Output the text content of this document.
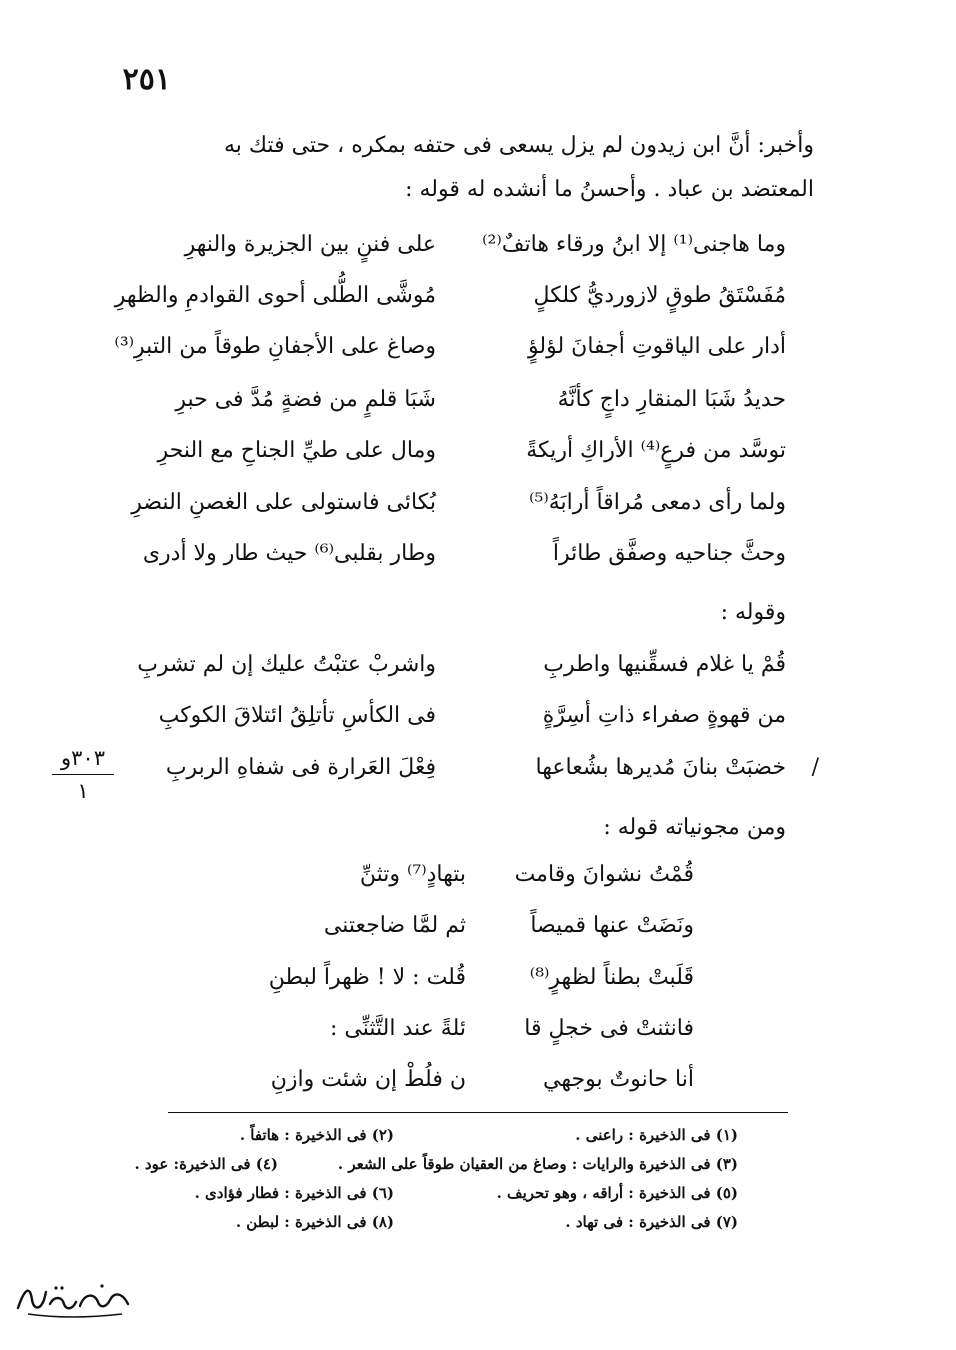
٢٥١
وأخبر: أنَّ ابن زيدون لم يزل يسعى فى حتفه بمكره ، حتى فتك به
المعتضد بن عباد . وأحسنُ ما أنشده له قوله :
وما هاجنى⁽¹⁾ إلا ابنُ ورقاء هاتفٌ⁽²⁾
على فننٍ بين الجزيرة والنهرِ
مُفَسْتَقُ طوقٍ لازورديُّ كلكلٍ
مُوشَّى الطُّلى أحوى القوادمِ والظهرِ
أدار على الياقوتِ أجفانَ لؤلؤٍ
وصاغ على الأجفانِ طوقاً من التبرِ⁽³⁾
حديدُ شَبَا المنقارِ داجٍ كأنَّهُ
شَبَا قلمٍ من فضةٍ مُدَّ فى حبرِ
توسَّد من فرعٍ⁽⁴⁾ الأراكِ أريكةً
ومال على طيِّ الجناحِ مع النحرِ
ولما رأى دمعى مُراقاً أرابَهُ⁽⁵⁾
بُكائى فاستولى على الغصنِ النضرِ
وحثَّ جناحيه وصفَّق طائراً
وطار بقلبى⁽⁶⁾ حيث طار ولا أدرى
وقوله :
قُمْ يا غلام فسقِّنيها واطربِ
واشربْ عتبْتُ عليك إن لم تشربِ
من قهوةٍ صفراء ذاتِ أسِرَّةٍ
فى الكأسِ تأتلِقُ ائتلاقَ الكوكبِ
خضبَتْ بنانَ مُديرها بشُعاعها
فِعْلَ العَرارة فى شفاهِ الربربِ	/
٣٠٣و
١
ومن مجونياته قوله :
قُمْتُ نشوانَ وقامت
بتهادٍ⁽⁷⁾ وتثنِّ
ونَضَتْ عنها قميصاً
ثم لمَّا ضاجعتنى
قَلَبتْ بطناً لظهرٍ⁽⁸⁾
قُلت : لا ! ظهراً لبطنِ
فانثنتْ فى خجلٍ قا
ئلةً عند التَّثنِّى :
أنا حانوتٌ بوجهي
ن فلُطْ إن شئت وازنِ
(١) فى الذخيرة : راعنى .
(٢) فى الذخيرة : هاتفاً .
(٣) فى الذخيرة والرايات : وصاغ من العقيان طوقاً على الشعر .
(٤) فى الذخيرة: عود .
(٥) فى الذخيرة : أراقه ، وهو تحريف .
(٦) فى الذخيرة : فطار فؤادى .
(٧) فى الذخيرة : فى تهاد .
(٨) فى الذخيرة : لبطن .
